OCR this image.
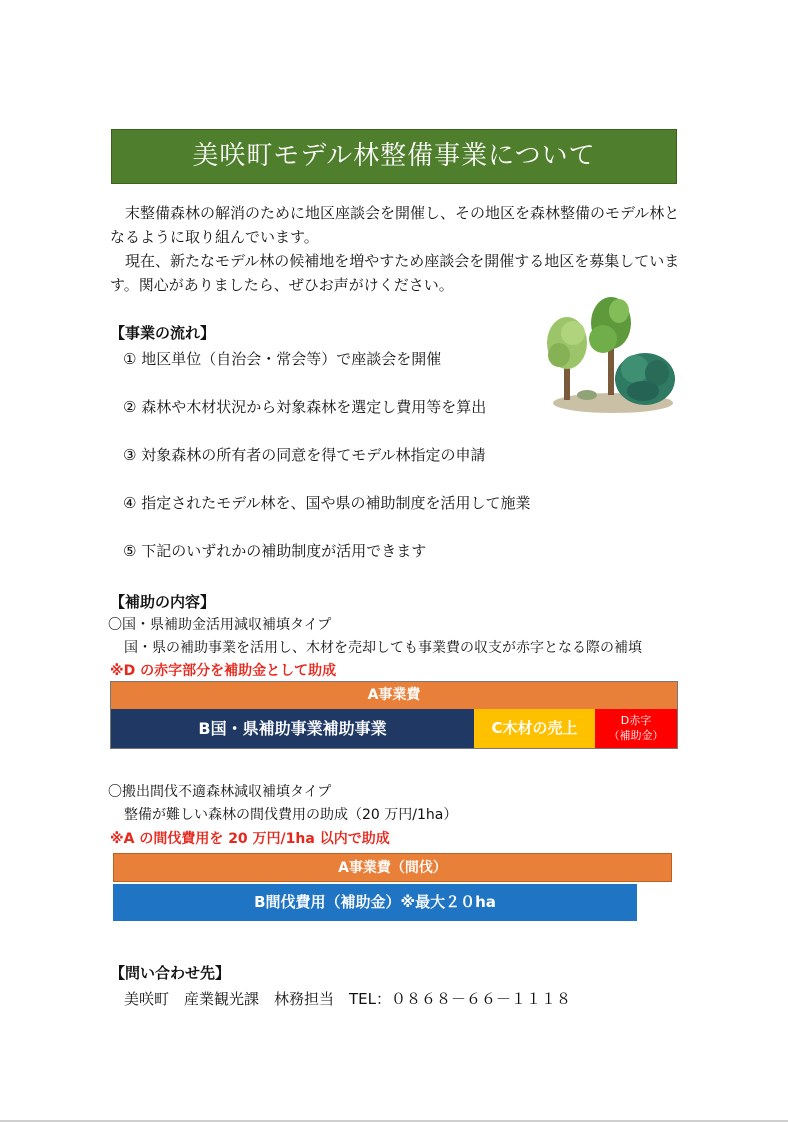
美咲町モデル林整備事業について

末整備森林の解消のために地区座談会を開催し、その地区を森林整備のモデル林となるように取り組んでいます。

現在、新たなモデル林の候補地を増やすため座談会を開催する地区を募集しています。関心がありましたら、ぜひお声がけください。

【事業の流れ】
① 地区単位（自治会・常会等）で座談会を開催
② 森林や木材状況から対象森林を選定し費用等を算出
③ 対象森林の所有者の同意を得てモデル林指定の申請
④ 指定されたモデル林を、国や県の補助制度を活用して施業
⑤ 下記のいずれかの補助制度が活用できます
【補助の内容】
〇国・県補助金活用減収補填タイプ
国・県の補助事業を活用し、木材を売却しても事業費の収支が赤字となる際の補填
※D の赤字部分を補助金として助成
A事業費
B国・県補助事業補助事業	C木材の売上	D赤字
（補助金）
〇搬出間伐不適森林減収補填タイプ
整備が難しい森林の間伐費用の助成（20 万円/1ha）
※A の間伐費用を 20 万円/1ha 以内で助成
A事業費（間伐）
B間伐費用（補助金）※最大２０ha
【問い合わせ先】
美咲町　産業観光課　林務担当　TEL：０８６８－６６－１１１８
